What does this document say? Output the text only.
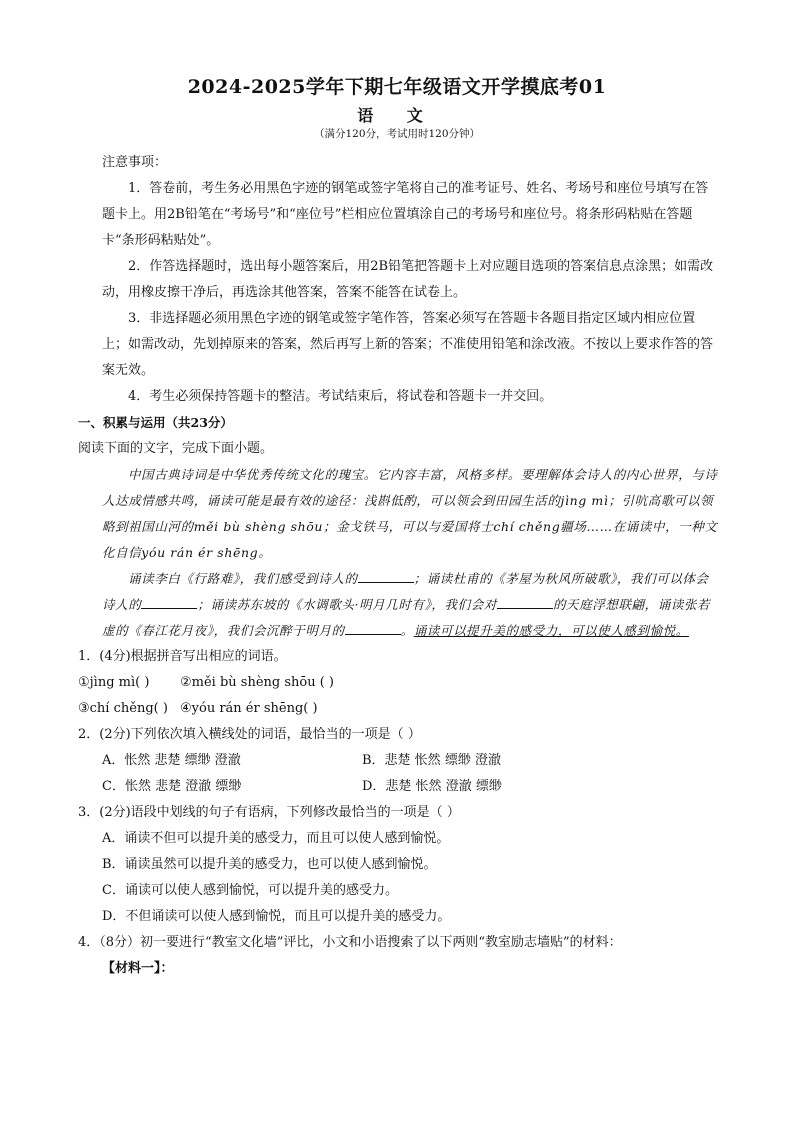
2024-2025学年下期七年级语文开学摸底考01
语 文
（满分120分，考试用时120分钟）

注意事项：

1．答卷前，考生务必用黑色字迹的钢笔或签字笔将自己的准考证号、姓名、考场号和座位号填写在答题卡上。用2B铅笔在“考场号”和“座位号”栏相应位置填涂自己的考场号和座位号。将条形码粘贴在答题卡“条形码粘贴处”。

2．作答选择题时，选出每小题答案后，用2B铅笔把答题卡上对应题目选项的答案信息点涂黑；如需改动，用橡皮擦干净后，再选涂其他答案，答案不能答在试卷上。

3．非选择题必须用黑色字迹的钢笔或签字笔作答，答案必须写在答题卡各题目指定区域内相应位置上；如需改动，先划掉原来的答案，然后再写上新的答案；不准使用铅笔和涂改液。不按以上要求作答的答案无效。

4．考生必须保持答题卡的整洁。考试结束后，将试卷和答题卡一并交回。

一、积累与运用（共23分）

阅读下面的文字，完成下面小题。

中国古典诗词是中华优秀传统文化的瑰宝。它内容丰富，风格多样。要理解体会诗人的内心世界，与诗人达成情感共鸣，诵读可能是最有效的途径：浅斟低酌，可以领会到田园生活的jìng mì；引吭高歌可以领略到祖国山河的měi bù shèng shōu；金戈铁马，可以与爱国将士chí chěng疆场……在诵读中，一种文化自信yóu rán ér shēng。

诵读李白《行路难》，我们感受到诗人的	；诵读杜甫的《茅屋为秋风所破歌》，我们可以体会诗人的	；诵读苏东坡的《水调歌头·明月几时有》，我们会对	的天庭浮想联翩，诵读张若虚的《春江花月夜》，我们会沉醉于明月的	。诵读可以提升美的感受力，可以使人感到愉悦。

1．(4分)根据拼音写出相应的词语。

①jìng mì( ) ②měi bù shèng shōu ( )

③chí chěng( ) ④yóu rán ér shēng( )

2．(2分)下列依次填入横线处的词语，最恰当的一项是（ ）

A．怅然 悲楚 缥缈 澄澈	B．悲楚 怅然 缥缈 澄澈
C．怅然 悲楚 澄澈 缥缈	D．悲楚 怅然 澄澈 缥缈

3．(2分)语段中划线的句子有语病，下列修改最恰当的一项是（ ）

A．诵读不但可以提升美的感受力，而且可以使人感到愉悦。

B．诵读虽然可以提升美的感受力，也可以使人感到愉悦。

C．诵读可以使人感到愉悦，可以提升美的感受力。

D．不但诵读可以使人感到愉悦，而且可以提升美的感受力。

4．（8分）初一要进行“教室文化墙”评比，小文和小语搜索了以下两则“教室励志墙贴”的材料：

【材料一】：
